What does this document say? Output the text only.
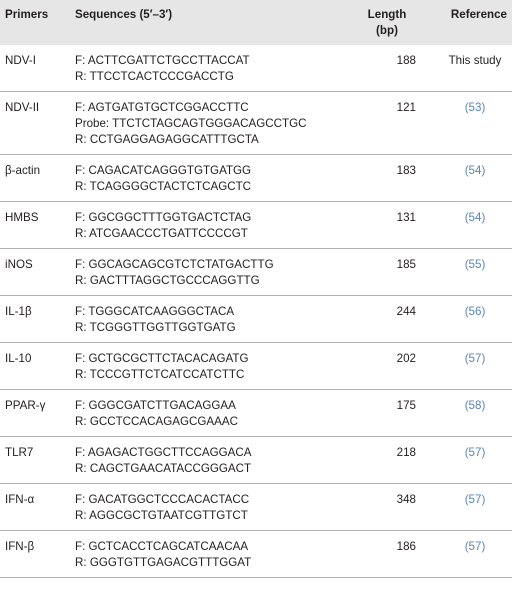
Primers	Sequences (5′–3′)	Length
(bp)	Reference
NDV-I	F: ACTTCGATTCTGCCTTACCAT
R: TTCCTCACTCCCGACCTG	188	This study
NDV-II	F: AGTGATGTGCTCGGACCTTC
Probe: TTCTCTAGCAGTGGGACAGCCTGC
R: CCTGAGGAGAGGCATTTGCTA	121	(53)
β-actin	F: CAGACATCAGGGTGTGATGG
R: TCAGGGGCTACTCTCAGCTC	183	(54)
HMBS	F: GGCGGCTTTGGTGACTCTAG
R: ATCGAACCCTGATTCCCCGT	131	(54)
iNOS	F: GGCAGCAGCGTCTCTATGACTTG
R: GACTTTAGGCTGCCCAGGTTG	185	(55)
IL-1β	F: TGGGCATCAAGGGCTACA
R: TCGGGTTGGTTGGTGATG	244	(56)
IL-10	F: GCTGCGCTTCTACACAGATG
R: TCCCGTTCTCATCCATCTTC	202	(57)
PPAR-γ	F: GGGCGATCTTGACAGGAA
R: GCCTCCACAGAGCGAAAC	175	(58)
TLR7	F: AGAGACTGGCTTCCAGGACA
R: CAGCTGAACATACCGGGACT	218	(57)
IFN-α	F: GACATGGCTCCCACACTACC
R: AGGCGCTGTAATCGTTGTCT	348	(57)
IFN-β	F: GCTCACCTCAGCATCAACAA
R: GGGTGTTGAGACGTTTGGAT	186	(57)
